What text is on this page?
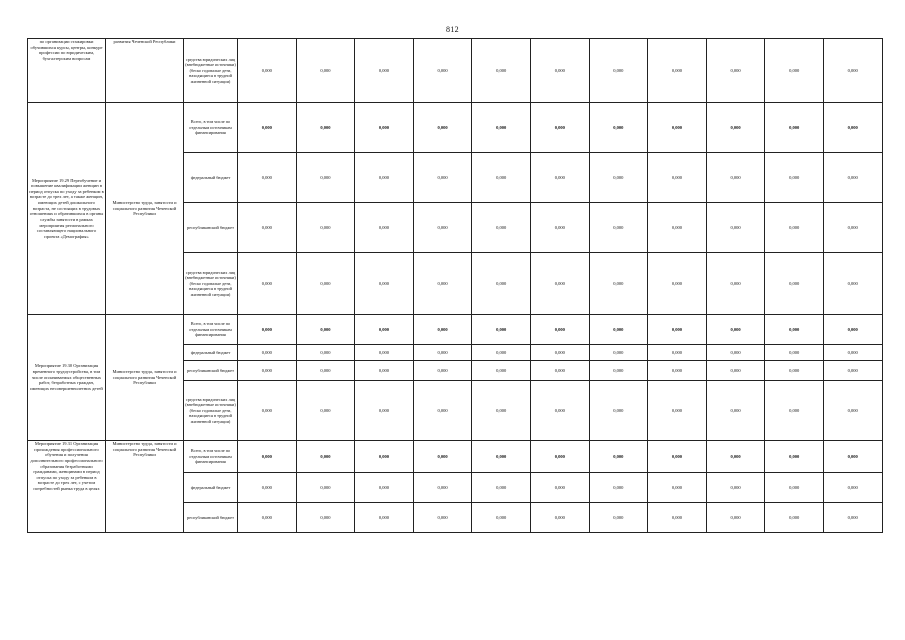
812
по организации стажировки обучившихся курсы, центры, конкуре профессии по юридическим, бухгалтерским вопросам	развития Чеченской Республики	средства юридических лиц (внебюджетные источники) (беско годовалые дети, находящиеся в трудной жизненной ситуации)	0,000	0,000	0,000	0,000	0,000	0,000	0,000	0,000	0,000	0,000	0,000
Мероприятие 19.29 Переобучение и повышение квалификации женщин в период отпуска по уходу за ребенком в возрасте до трех лет, а также женщин, имеющих детей дошкольного возраста, не состоящих в трудовых отношениях и обратившихся в органы службы занятости в рамках мероприятия регионального составляющего национального проекта «Демография»	Министерство труда, занятости и социального развития Чеченской Республики	Всего, в том числе по отдельным источникам финансирования	0,000	0,000	0,000	0,000	0,000	0,000	0,000	0,000	0,000	0,000	0,000
		федеральный бюджет	0,000	0,000	0,000	0,000	0,000	0,000	0,000	0,000	0,000	0,000	0,000
		республиканский бюджет	0,000	0,000	0,000	0,000	0,000	0,000	0,000	0,000	0,000	0,000	0,000
		средства юридических лиц (внебюджетные источники) (беско годовалые дети, находящиеся в трудной жизненной ситуации)	0,000	0,000	0,000	0,000	0,000	0,000	0,000	0,000	0,000	0,000	0,000
Мероприятие 19.30 Организация временного трудоустройства, в том числе оплачиваемых общественных работ, безработных граждан, имеющих несовершеннолетних детей	Министерство труда, занятости и социального развития Чеченской Республики	Всего, в том числе по отдельным источникам финансирования	0,000	0,000	0,000	0,000	0,000	0,000	0,000	0,000	0,000	0,000	0,000
		федеральный бюджет	0,000	0,000	0,000	0,000	0,000	0,000	0,000	0,000	0,000	0,000	0,000
		республиканский бюджет	0,000	0,000	0,000	0,000	0,000	0,000	0,000	0,000	0,000	0,000	0,000
		средства юридических лиц (внебюджетные источники) (беско годовалые дети, находящиеся в трудной жизненной ситуации)	0,000	0,000	0,000	0,000	0,000	0,000	0,000	0,000	0,000	0,000	0,000
Мероприятие 19.31 Организация прохождения профессионального обучения и получения дополнительного профессионального образования безработными гражданами, женщинами в период отпуска по уходу за ребенком в возрасте до трех лет, с учетом потребностей рынка труда в целях	Министерство труда, занятости и социального развития Чеченской Республики	Всего, в том числе по отдельным источникам финансирования	0,000	0,000	0,000	0,000	0,000	0,000	0,000	0,000	0,000	0,000	0,000
		федеральный бюджет	0,000	0,000	0,000	0,000	0,000	0,000	0,000	0,000	0,000	0,000	0,000
		республиканский бюджет	0,000	0,000	0,000	0,000	0,000	0,000	0,000	0,000	0,000	0,000	0,000
